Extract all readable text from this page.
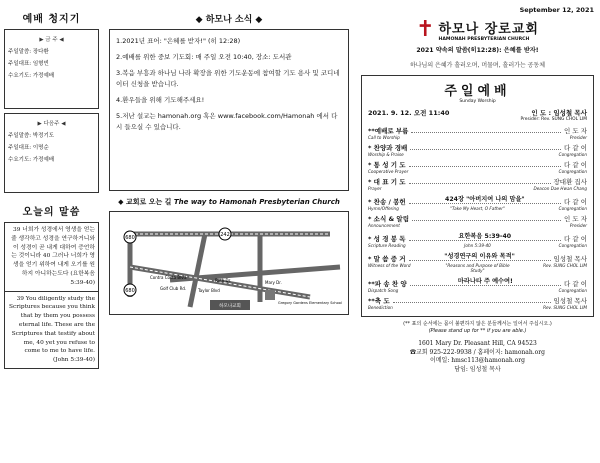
예배 청지기
▶ 금 주 ◀
주일말씀: 장다환
주일대표: 임형빈
수요기도: 가정예배
▶ 다음주 ◀
주일말씀: 박정기도
주일대표: 이명순
수요기도: 가정예배
오늘의 말씀
39 너희가 성경에서 영생을 얻는 줄 생각하고 성경을 연구하거니와 이 성경이 곧 내게 대하여 증언하는 것이니라 40 그러나 너희가 영생을 얻기 위하여 내게 오기를 원하지 아니하는도다 (요한복음 5:39-40)
39 You diligently study the Scriptures because you think that by them you possess eternal life. These are the Scriptures that testify about me, 40 yet you refuse to come to me to have life. (John 5:39-40)
◆ 하모나 소식 ◆
1.2021년 표어: "은혜를 받자!" (히 12:28)
2.예배를 위한 중보 기도회: 매 주일 오전 10:40, 장소: 도서관
3.복음 부흥과 하나님 나라 확장을 위한 기도운동에 참여할 기도 용사 및 코디네이터 신청을 받습니다.
4.환우들을 위해 기도해주세요!
5.저난 설교는 hamonah.org 혹은 www.facebook.com/Hamonah 에서 다시 들으실 수 있습니다.
◆ 교회로 오는 길 The way to Hamonah Presbyterian Church
680
680
242
Contra Costa Blvd.
Golf Club Rd.	Taylor Blvd
Ruth Dr.	Mary Dr.
하모나교회
Gregory Gardens Elementary School
September 12, 2021
✝ 하모나 장로교회
HAMONAH PRESBYTERIAN CHURCH
2021 약속의 말씀(히12:28): 은혜를 받자!
하나님의 은혜가 흘러오며, 머물며, 흘러가는 공동체
주일예배
Sunday Worship
2021. 9. 12. 오전 11:40	인 도 : 임성철 목사
Presider: Rev. SUNG CHOL LIM
**예배로 부름	인 도 자
Call to Worship	Presider
* 찬양과 경배	다 같 이
Worship & Praise	Congregation
* 통 성 기 도	다 같 이
Cooperative Prayer	Congregation
* 대 표 기 도	장대환 집사
Prayer	Deacon Dae Hwan Chang
* 찬송 / 봉헌	424장 "아버지여 나의 맘을"	다 같 이
Hymn/Offering	"Take My Heart, O Father"	Congregation
* 소식 & 알림	인 도 자
Announcement	Presider
* 성 경 봉 독	요한복음 5:39-40	다 같 이
Scripture Reading	John 5:39-40	Congregation
* 말 씀 증 거	"성경연구의 이유와 목적"	임성철 목사
Witness of the Word	"Reasons and Purpose of Bible Study"
Rev. SUNG CHOL LIM
**파 송 찬 양	마라나타 주 예수여!	다 같 이
Dispatch Song	Congregation
**축 도	임성철 목사
Benediction	Rev. SUNG CHOL LIM
(** 표의 순서에는 몸이 불편하지 않은 분들께서는 일어서 주십시오.)
(Please stand up for ** if you are able.)
1601 Mary Dr. Pleasant Hill, CA 94523
☎교회 925-222-9938 / 홈페이지: hamonah.org
이메일: hmsc113@hamonah.org
담임: 임성철 목사
